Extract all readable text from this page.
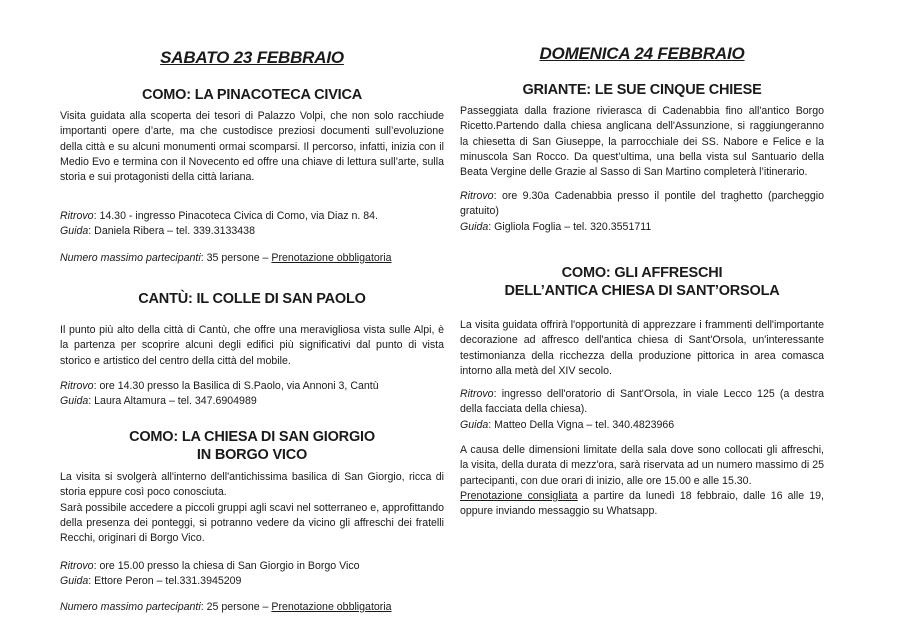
SABATO 23 FEBBRAIO
COMO: LA PINACOTECA CIVICA
Visita guidata alla scoperta dei tesori di Palazzo Volpi, che non solo racchiude importanti opere d’arte, ma che custodisce preziosi documenti sull’evoluzione della città e su alcuni monumenti ormai scomparsi. Il percorso, infatti, inizia con il Medio Evo e termina con il Novecento ed offre una chiave di lettura sull’arte, sulla storia e sui protagonisti della città lariana.
Ritrovo: 14.30 - ingresso Pinacoteca Civica di Como, via Diaz n. 84.
Guida: Daniela Ribera – tel. 339.3133438
Numero massimo partecipanti: 35 persone – Prenotazione obbligatoria
CANTÙ: IL COLLE DI SAN PAOLO
Il punto più alto della città di Cantù, che offre una meravigliosa vista sulle Alpi, è la partenza per scoprire alcuni degli edifici più significativi dal punto di vista storico e artistico del centro della città del mobile.
Ritrovo: ore 14.30 presso la Basilica di S.Paolo, via Annoni 3, Cantù
Guida: Laura Altamura – tel. 347.6904989
COMO: LA CHIESA DI SAN GIORGIO
IN BORGO VICO
La visita si svolgerà all'interno dell'antichissima basilica di San Giorgio, ricca di storia eppure così poco conosciuta.
Sarà possibile accedere a piccoli gruppi agli scavi nel sotterraneo e, approfittando della presenza dei ponteggi, si potranno vedere da vicino gli affreschi dei fratelli Recchi, originari di Borgo Vico.
Ritrovo: ore 15.00 presso la chiesa di San Giorgio in Borgo Vico
Guida: Ettore Peron – tel.331.3945209
Numero massimo partecipanti: 25 persone – Prenotazione obbligatoria
DOMENICA 24 FEBBRAIO
GRIANTE: LE SUE CINQUE CHIESE
Passeggiata dalla frazione rivierasca di Cadenabbia fino all'antico Borgo Ricetto.Partendo dalla chiesa anglicana dell'Assunzione, si raggiungeranno la chiesetta di San Giuseppe, la parrocchiale dei SS. Nabore e Felice e la minuscola San Rocco. Da quest’ultima, una bella vista sul Santuario della Beata Vergine delle Grazie al Sasso di San Martino completerà l’itinerario.
Ritrovo: ore 9.30a Cadenabbia presso il pontile del traghetto (parcheggio gratuito)
Guida: Gigliola Foglia – tel. 320.3551711
COMO: GLI AFFRESCHI
DELL’ANTICA CHIESA DI SANT’ORSOLA
La visita guidata offrirà l'opportunità di apprezzare i frammenti dell'importante decorazione ad affresco dell'antica chiesa di Sant'Orsola, un'interessante testimonianza della ricchezza della produzione pittorica in area comasca intorno alla metà del XIV secolo.
Ritrovo: ingresso dell'oratorio di Sant'Orsola, in viale Lecco 125 (a destra della facciata della chiesa).
Guida: Matteo Della Vigna – tel. 340.4823966
A causa delle dimensioni limitate della sala dove sono collocati gli affreschi, la visita, della durata di mezz'ora, sarà riservata ad un numero massimo di 25 partecipanti, con due orari di inizio, alle ore 15.00 e alle 15.30.
Prenotazione consigliata a partire da lunedì 18 febbraio, dalle 16 alle 19, oppure inviando messaggio su Whatsapp.
